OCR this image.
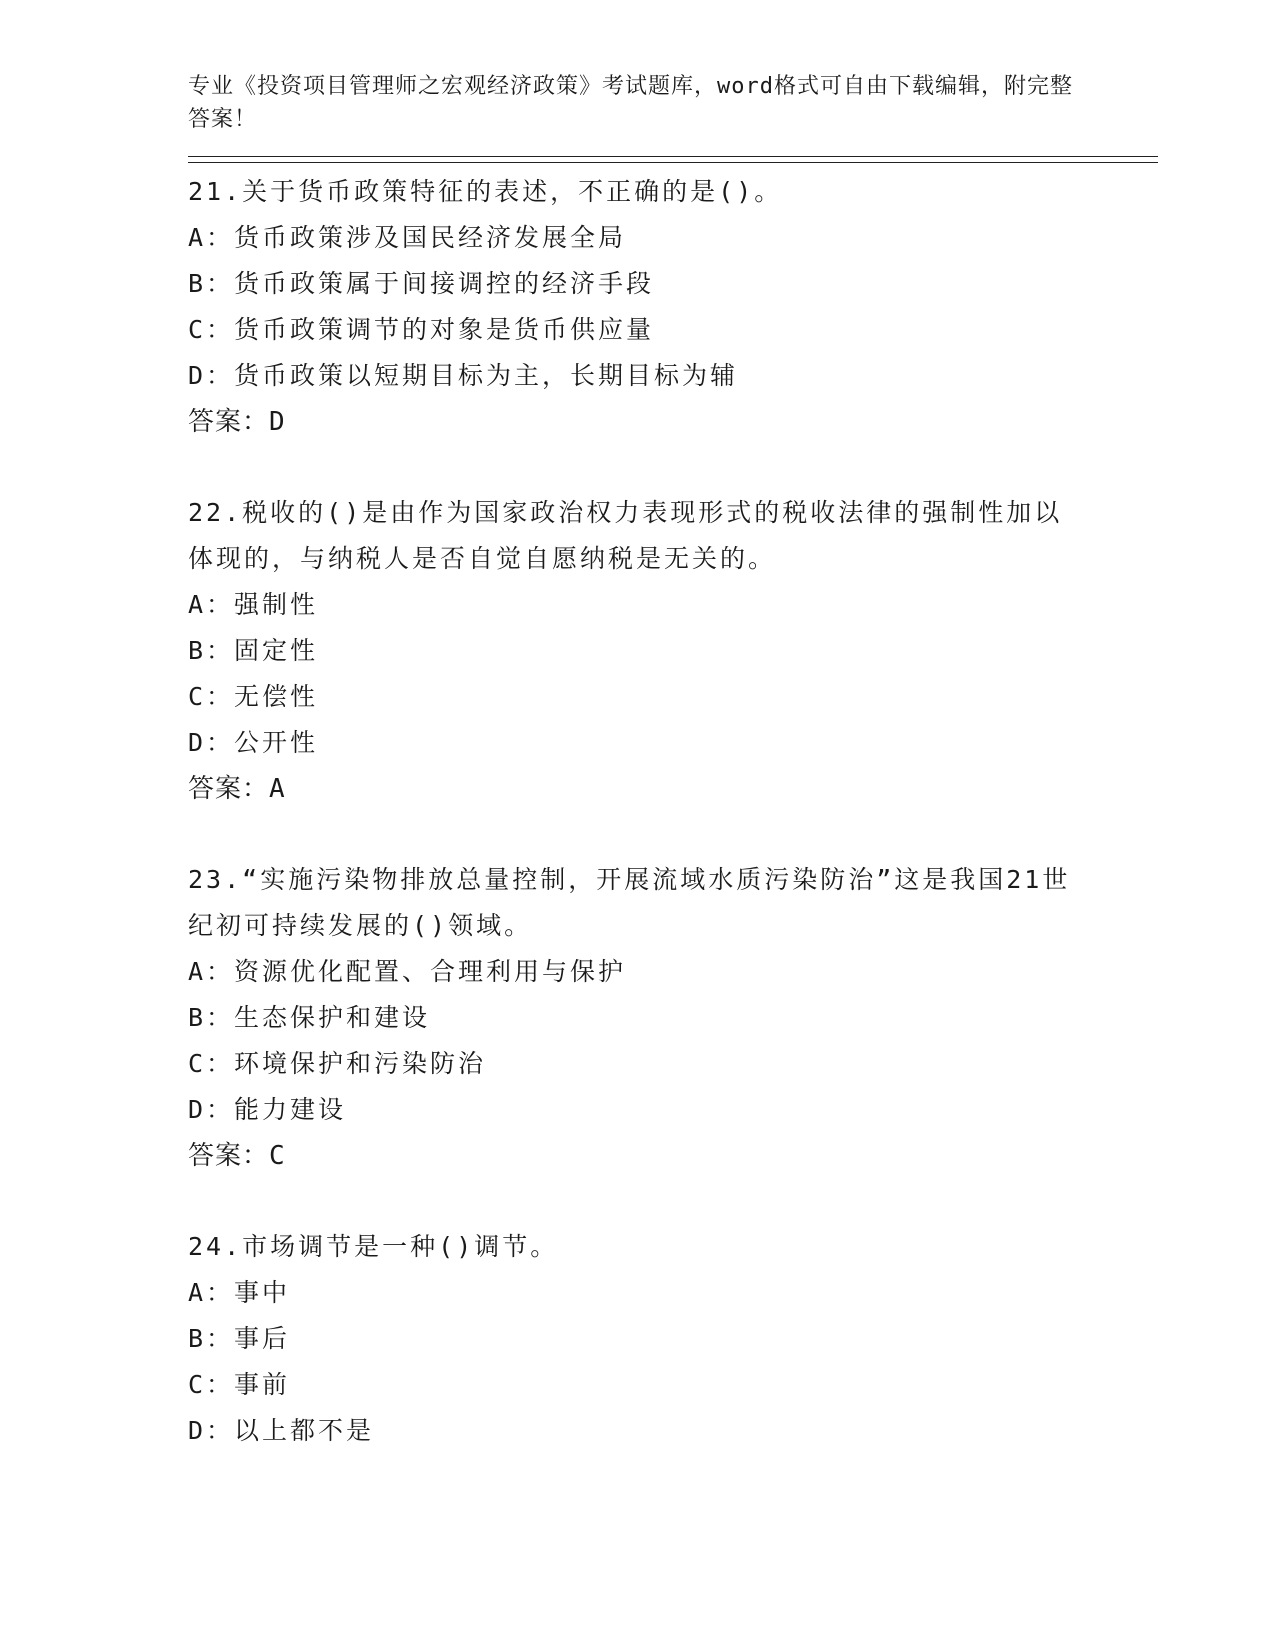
专业《投资项目管理师之宏观经济政策》考试题库，word格式可自由下载编辑，附完整答案！
21.关于货币政策特征的表述，不正确的是()。
A：货币政策涉及国民经济发展全局
B：货币政策属于间接调控的经济手段
C：货币政策调节的对象是货币供应量
D：货币政策以短期目标为主，长期目标为辅
答案：D
22.税收的()是由作为国家政治权力表现形式的税收法律的强制性加以体现的，与纳税人是否自觉自愿纳税是无关的。
A：强制性
B：固定性
C：无偿性
D：公开性
答案：A
23.“实施污染物排放总量控制，开展流域水质污染防治”这是我国21世纪初可持续发展的()领域。
A：资源优化配置、合理利用与保护
B：生态保护和建设
C：环境保护和污染防治
D：能力建设
答案：C
24.市场调节是一种()调节。
A：事中
B：事后
C：事前
D：以上都不是
